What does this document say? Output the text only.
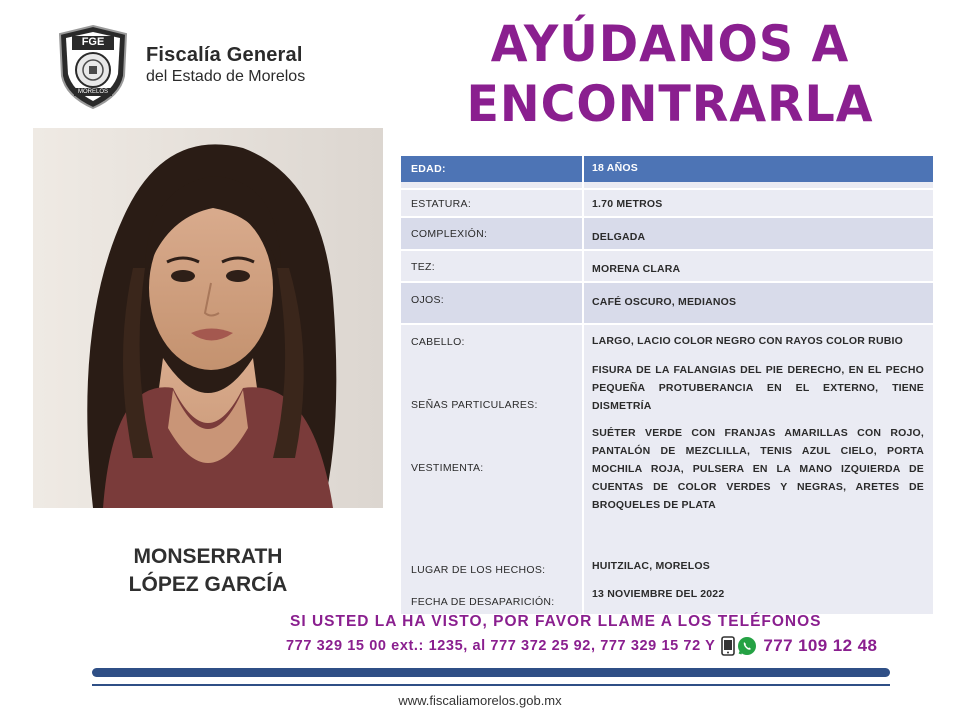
FGE
MORELOS
Fiscalía General
del Estado de Morelos
AYÚDANOS A
ENCONTRARLA
MONSERRATH
LÓPEZ GARCÍA
EDAD:	18 AÑOS
ESTATURA:	1.70 METROS
COMPLEXIÓN:	DELGADA
TEZ:	MORENA CLARA
OJOS:	CAFÉ OSCURO, MEDIANOS
CABELLO:	LARGO, LACIO COLOR NEGRO CON RAYOS COLOR RUBIO
SEÑAS PARTICULARES:
FISURA DE LA FALANGIAS DEL PIE DERECHO, EN EL PECHO PEQUEÑA PROTUBERANCIA EN EL EXTERNO, TIENE DISMETRÍA
VESTIMENTA:
SUÉTER VERDE CON FRANJAS AMARILLAS CON ROJO, PANTALÓN DE MEZCLILLA, TENIS AZUL CIELO, PORTA MOCHILA ROJA, PULSERA EN LA MANO IZQUIERDA DE CUENTAS DE COLOR VERDES Y NEGRAS, ARETES DE BROQUELES DE PLATA
LUGAR DE LOS HECHOS:	HUITZILAC, MORELOS
FECHA DE DESAPARICIÓN:
13 NOVIEMBRE DEL 2022
SI USTED LA HA VISTO, POR FAVOR LLAME A LOS TELÉFONOS
777 329 15 00 ext.: 1235, al 777 372 25 92, 777 329 15 72 Y	777 109 12 48
www.fiscaliamorelos.gob.mx
